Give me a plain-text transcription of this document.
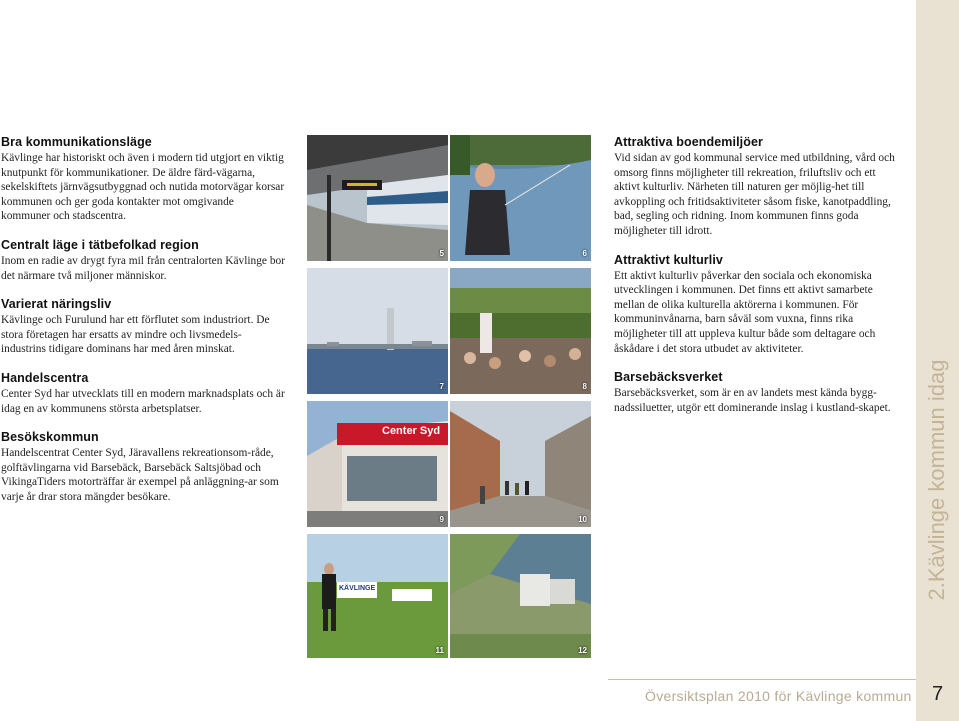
Bra kommunikationsläge

Kävlinge har historiskt och även i modern tid utgjort en viktig knutpunkt för kommunikationer. De äldre färd-vägarna, sekelskiftets järnvägsutbyggnad och nutida motorvägar korsar kommunen och ger goda kontakter mot omgivande kommuner och stadscentra.

Centralt läge i tätbefolkad region

Inom en radie av drygt fyra mil från centralorten Kävlinge bor det närmare två miljoner människor.

Varierat näringsliv

Kävlinge och Furulund har ett förflutet som industriort. De stora företagen har ersatts av mindre och livsmedels-industrins tidigare dominans har med åren minskat.

Handelscentra

Center Syd har utvecklats till en modern marknadsplats och är idag en av kommunens största arbetsplatser.

Besökskommun

Handelscentrat Center Syd, Järavallens rekreationsom-råde, golftävlingarna vid Barsebäck, Barsebäck Saltsjöbad och VikingaTiders motorträffar är exempel på anläggning-ar som varje år drar stora mängder besökare.

5	6
7	8
Center Syd
9	10
KÄVLINGE
11	12
Attraktiva boendemiljöer

Vid sidan av god kommunal service med utbildning, vård och omsorg finns möjligheter till rekreation, friluftsliv och ett aktivt kulturliv. Närheten till naturen ger möjlig-het till avkoppling och fritidsaktiviteter såsom fiske, kanotpaddling, bad, segling och ridning. Inom kommunen finns goda möjligheter till idrott.

Attraktivt kulturliv

Ett aktivt kulturliv påverkar den sociala och ekonomiska utvecklingen i kommunen. Det finns ett aktivt samarbete mellan de olika kulturella aktörerna i kommunen. För kommuninvånarna, barn såväl som vuxna, finns rika möjligheter till att uppleva kultur både som deltagare och åskådare i det stora utbudet av aktiviteter.

Barsebäcksverket

Barsebäcksverket, som är en av landets mest kända bygg-nadssiluetter, utgör ett dominerande inslag i kustland-skapet.	2.Kävlinge kommun idag
Översiktsplan 2010 för Kävlinge kommun	7
